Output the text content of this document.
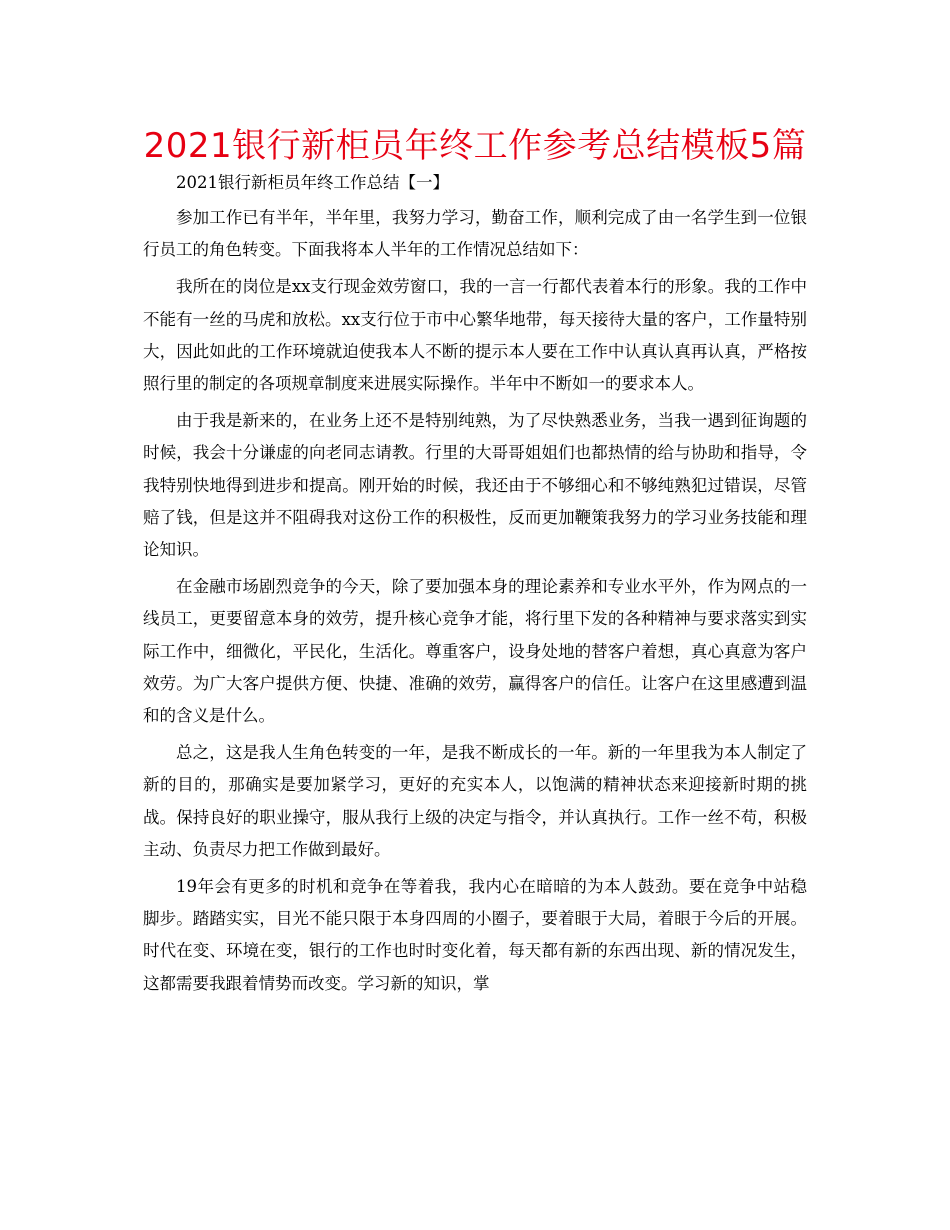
2021银行新柜员年终工作参考总结模板5篇

2021银行新柜员年终工作总结【一】

参加工作已有半年，半年里，我努力学习，勤奋工作，顺利完成了由一名学生到一位银行员工的角色转变。下面我将本人半年的工作情况总结如下：

我所在的岗位是xx支行现金效劳窗口，我的一言一行都代表着本行的形象。我的工作中不能有一丝的马虎和放松。xx支行位于市中心繁华地带，每天接待大量的客户，工作量特别大，因此如此的工作环境就迫使我本人不断的提示本人要在工作中认真认真再认真，严格按照行里的制定的各项规章制度来进展实际操作。半年中不断如一的要求本人。

由于我是新来的，在业务上还不是特别纯熟，为了尽快熟悉业务，当我一遇到征询题的时候，我会十分谦虚的向老同志请教。行里的大哥哥姐姐们也都热情的给与协助和指导，令我特别快地得到进步和提高。刚开始的时候，我还由于不够细心和不够纯熟犯过错误，尽管赔了钱，但是这并不阻碍我对这份工作的积极性，反而更加鞭策我努力的学习业务技能和理论知识。

在金融市场剧烈竞争的今天，除了要加强本身的理论素养和专业水平外，作为网点的一线员工，更要留意本身的效劳，提升核心竞争才能，将行里下发的各种精神与要求落实到实际工作中，细微化，平民化，生活化。尊重客户，设身处地的替客户着想，真心真意为客户效劳。为广大客户提供方便、快捷、准确的效劳，赢得客户的信任。让客户在这里感遭到温和的含义是什么。

总之，这是我人生角色转变的一年，是我不断成长的一年。新的一年里我为本人制定了新的目的，那确实是要加紧学习，更好的充实本人，以饱满的精神状态来迎接新时期的挑战。保持良好的职业操守，服从我行上级的决定与指令，并认真执行。工作一丝不苟，积极主动、负责尽力把工作做到最好。

19年会有更多的时机和竞争在等着我，我内心在暗暗的为本人鼓劲。要在竞争中站稳脚步。踏踏实实，目光不能只限于本身四周的小圈子，要着眼于大局，着眼于今后的开展。时代在变、环境在变，银行的工作也时时变化着，每天都有新的东西出现、新的情况发生，这都需要我跟着情势而改变。学习新的知识，掌
